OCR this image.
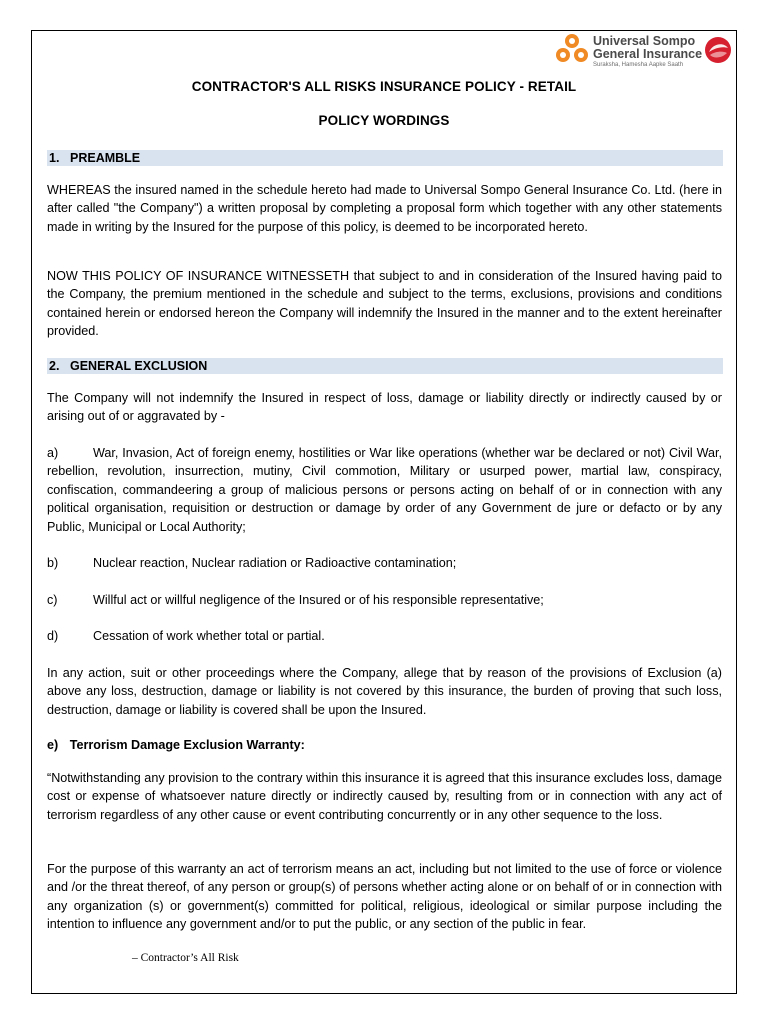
Universal Sompo
General Insurance
Suraksha, Hamesha Aapke Saath
CONTRACTOR'S ALL RISKS INSURANCE POLICY - RETAIL
POLICY WORDINGS
1. PREAMBLE

WHEREAS the insured named in the schedule hereto had made to Universal Sompo General Insurance Co. Ltd. (here in after called "the Company") a written proposal by completing a proposal form which together with any other statements made in writing by the Insured for the purpose of this policy, is deemed to be incorporated hereto.

NOW THIS POLICY OF INSURANCE WITNESSETH that subject to and in consideration of the Insured having paid to the Company, the premium mentioned in the schedule and subject to the terms, exclusions, provisions and conditions contained herein or endorsed hereon the Company will indemnify the Insured in the manner and to the extent hereinafter provided.

2. GENERAL EXCLUSION

The Company will not indemnify the Insured in respect of loss, damage or liability directly or indirectly caused by or arising out of or aggravated by -

a)	War, Invasion, Act of foreign enemy, hostilities or War like operations (whether war be declared or not) Civil War, rebellion, revolution, insurrection, mutiny, Civil commotion, Military or usurped power, martial law, conspiracy, confiscation, commandeering a group of malicious persons or persons acting on behalf of or in connection with any political organisation, requisition or destruction or damage by order of any Government de jure or defacto or by any Public, Municipal or Local Authority;
b)	Nuclear reaction, Nuclear radiation or Radioactive contamination;
c)	Willful act or willful negligence of the Insured or of his responsible representative;
d)	Cessation of work whether total or partial.

In any action, suit or other proceedings where the Company, allege that by reason of the provisions of Exclusion (a) above any loss, destruction, damage or liability is not covered by this insurance, the burden of proving that such loss, destruction, damage or liability is covered shall be upon the Insured.

e) Terrorism Damage Exclusion Warranty:

“Notwithstanding any provision to the contrary within this insurance it is agreed that this insurance excludes loss, damage cost or expense of whatsoever nature directly or indirectly caused by, resulting from or in connection with any act of terrorism regardless of any other cause or event contributing concurrently or in any other sequence to the loss.

For the purpose of this warranty an act of terrorism means an act, including but not limited to the use of force or violence and /or the threat thereof, of any person or group(s) of persons whether acting alone or on behalf of or in connection with any organization (s) or government(s) committed for political, religious, ideological or similar purpose including the intention to influence any government and/or to put the public, or any section of the public in fear.

– Contractor’s All Risk
